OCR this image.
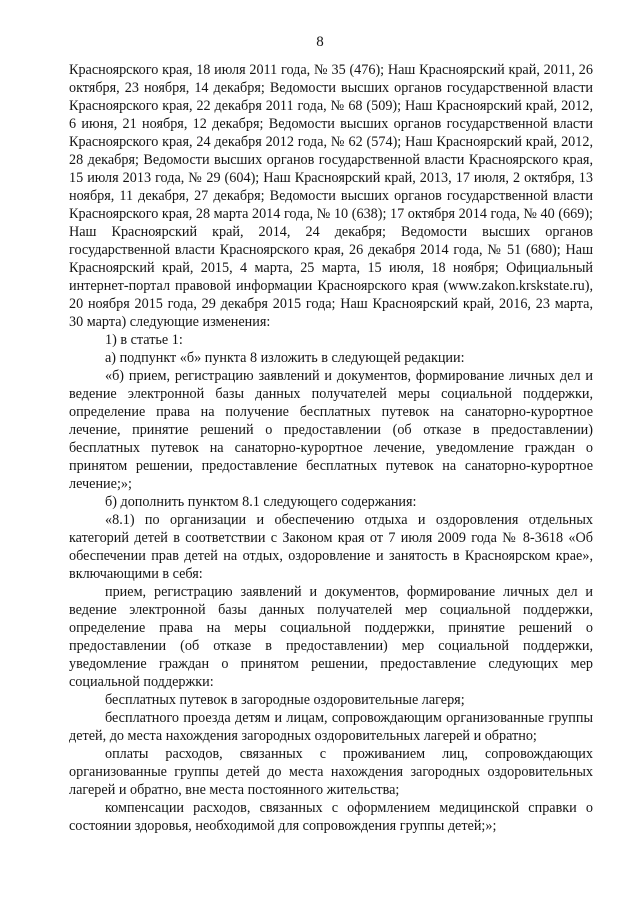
8

Красноярского края, 18 июля 2011 года, № 35 (476); Наш Красноярский край, 2011, 26 октября, 23 ноября, 14 декабря; Ведомости высших органов государственной власти Красноярского края, 22 декабря 2011 года, № 68 (509); Наш Красноярский край, 2012, 6 июня, 21 ноября, 12 декабря; Ведомости высших органов государственной власти Красноярского края, 24 декабря 2012 года, № 62 (574); Наш Красноярский край, 2012, 28 декабря; Ведомости высших органов государственной власти Красноярского края, 15 июля 2013 года, № 29 (604); Наш Красноярский край, 2013, 17 июля, 2 октября, 13 ноября, 11 декабря, 27 декабря; Ведомости высших органов государственной власти Красноярского края, 28 марта 2014 года, № 10 (638); 17 октября 2014 года, № 40 (669); Наш Красноярский край, 2014, 24 декабря; Ведомости высших органов государственной власти Красноярского края, 26 декабря 2014 года, № 51 (680); Наш Красноярский край, 2015, 4 марта, 25 марта, 15 июля, 18 ноября; Официальный интернет-портал правовой информации Красноярского края (www.zakon.krskstate.ru), 20 ноября 2015 года, 29 декабря 2015 года; Наш Красноярский край, 2016, 23 марта, 30 марта) следующие изменения:

1) в статье 1:

а) подпункт «б» пункта 8 изложить в следующей редакции:

«б) прием, регистрацию заявлений и документов, формирование личных дел и ведение электронной базы данных получателей меры социальной поддержки, определение права на получение бесплатных путевок на санаторно-курортное лечение, принятие решений о предоставлении (об отказе в предоставлении) бесплатных путевок на санаторно-курортное лечение, уведомление граждан о принятом решении, предоставление бесплатных путевок на санаторно-курортное лечение;»;

б) дополнить пунктом 8.1 следующего содержания:

«8.1) по организации и обеспечению отдыха и оздоровления отдельных категорий детей в соответствии с Законом края от 7 июля 2009 года № 8-3618 «Об обеспечении прав детей на отдых, оздоровление и занятость в Красноярском крае», включающими в себя:

прием, регистрацию заявлений и документов, формирование личных дел и ведение электронной базы данных получателей мер социальной поддержки, определение права на меры социальной поддержки, принятие решений о предоставлении (об отказе в предоставлении) мер социальной поддержки, уведомление граждан о принятом решении, предоставление следующих мер социальной поддержки:

бесплатных путевок в загородные оздоровительные лагеря;

бесплатного проезда детям и лицам, сопровождающим организованные группы детей, до места нахождения загородных оздоровительных лагерей и обратно;

оплаты расходов, связанных с проживанием лиц, сопровождающих организованные группы детей до места нахождения загородных оздоровительных лагерей и обратно, вне места постоянного жительства;

компенсации расходов, связанных с оформлением медицинской справки о состоянии здоровья, необходимой для сопровождения группы детей;»;
